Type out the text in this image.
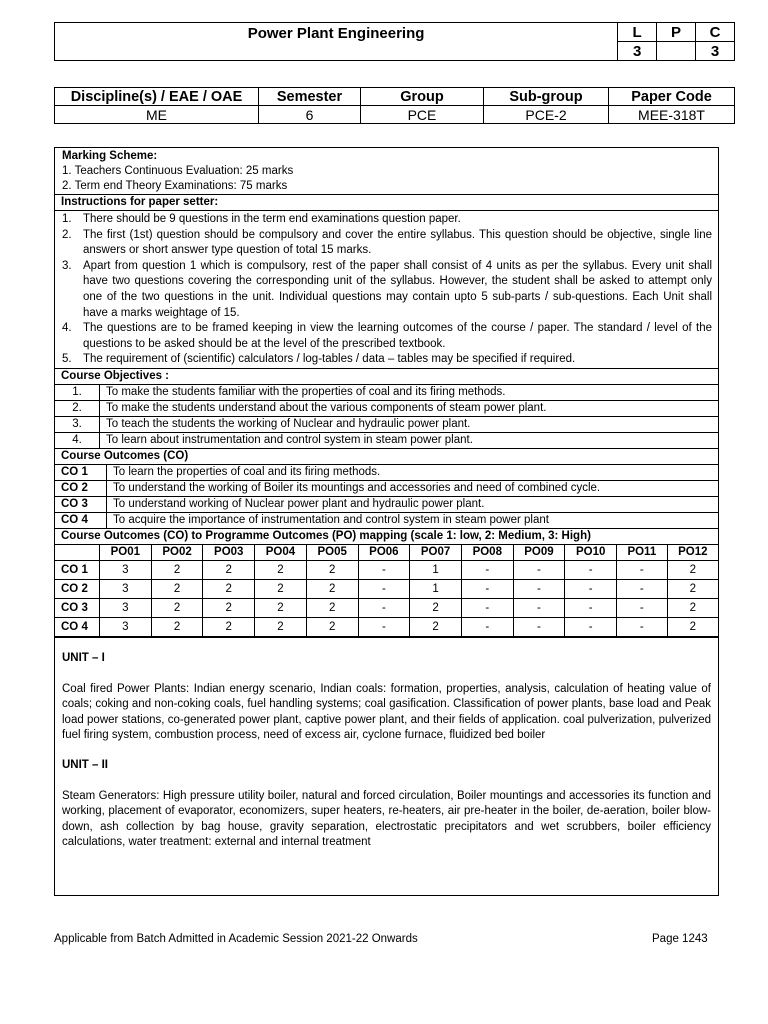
Power Plant Engineering	L	P	C
	3		3
Discipline(s) / EAE / OAE	Semester	Group	Sub-group	Paper Code
ME	6	PCE	PCE-2	MEE-318T
Marking Scheme:
1. Teachers Continuous Evaluation: 25 marks
2. Term end Theory Examinations: 75 marks
Instructions for paper setter:
1. There should be 9 questions in the term end examinations question paper.
2. The first (1st) question should be compulsory and cover the entire syllabus. This question should be objective, single line answers or short answer type question of total 15 marks.
3. Apart from question 1 which is compulsory, rest of the paper shall consist of 4 units as per the syllabus. Every unit shall have two questions covering the corresponding unit of the syllabus. However, the student shall be asked to attempt only one of the two questions in the unit. Individual questions may contain upto 5 sub-parts / sub-questions. Each Unit shall have a marks weightage of 15.
4. The questions are to be framed keeping in view the learning outcomes of the course / paper. The standard / level of the questions to be asked should be at the level of the prescribed textbook.
5. The requirement of (scientific) calculators / log-tables / data – tables may be specified if required.
Course Objectives :
1.	To make the students familiar with the properties of coal and its firing methods.
2.	To make the students understand about the various components of steam power plant.
3.	To teach the students the working of Nuclear and hydraulic power plant.
4.	To learn about instrumentation and control system in steam power plant.
Course Outcomes (CO)
CO 1	To learn the properties of coal and its firing methods.
CO 2	To understand the working of Boiler its mountings and accessories and need of combined cycle.
CO 3	To understand working of Nuclear power plant and hydraulic power plant.
CO 4	To acquire the importance of instrumentation and control system in steam power plant
Course Outcomes (CO) to Programme Outcomes (PO) mapping (scale 1: low, 2: Medium, 3: High)
	PO01	PO02	PO03	PO04	PO05	PO06	PO07	PO08	PO09	PO10	PO11	PO12
CO 1	3	2	2	2	2	-	1	-	-	-	-	2
CO 2	3	2	2	2	2	-	1	-	-	-	-	2
CO 3	3	2	2	2	2	-	2	-	-	-	-	2
CO 4	3	2	2	2	2	-	2	-	-	-	-	2
UNIT – I
Coal fired Power Plants: Indian energy scenario, Indian coals: formation, properties, analysis, calculation of heating value of coals; coking and non-coking coals, fuel handling systems; coal gasification. Classification of power plants, base load and Peak load power stations, co-generated power plant, captive power plant, and their fields of application. coal pulverization, pulverized fuel firing system, combustion process, need of excess air, cyclone furnace, fluidized bed boiler
UNIT – II
Steam Generators: High pressure utility boiler, natural and forced circulation, Boiler mountings and accessories its function and working, placement of evaporator, economizers, super heaters, re-heaters, air pre-heater in the boiler, de-aeration, boiler blow- down, ash collection by bag house, gravity separation, electrostatic precipitators and wet scrubbers, boiler efficiency calculations, water treatment: external and internal treatment
Applicable from Batch Admitted in Academic Session 2021-22 Onwards	Page 1243
